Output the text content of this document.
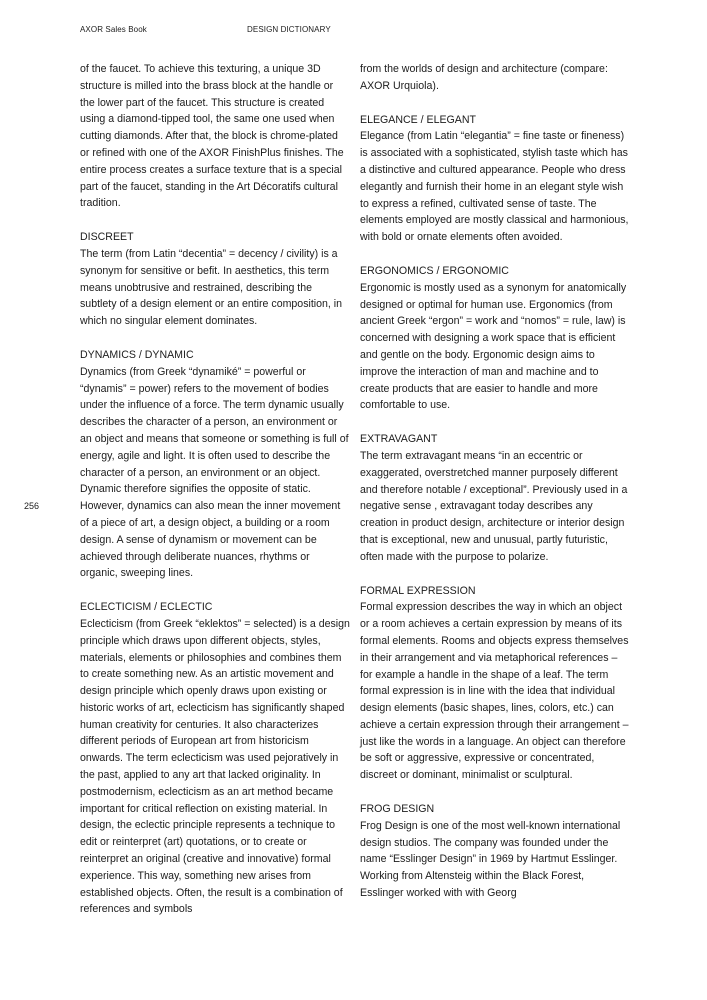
AXOR Sales Book	DESIGN DICTIONARY
256

of the faucet. To achieve this texturing, a unique 3D structure is milled into the brass block at the handle or the lower part of the faucet. This structure is created using a diamond-tipped tool, the same one used when cutting diamonds. After that, the block is chrome-plated or refined with one of the AXOR FinishPlus finishes. The entire process creates a surface texture that is a special part of the faucet, standing in the Art Décoratifs cultural tradition.

DISCREET

The term (from Latin “decentia” = decency / civility) is a synonym for sensitive or befit. In aesthetics, this term means unobtrusive and restrained, describing the subtlety of a design element or an entire composition, in which no singular element dominates.

DYNAMICS / DYNAMIC

Dynamics (from Greek “dynamiké” = powerful or “dynamis” = power) refers to the movement of bodies under the influence of a force. The term dynamic usually describes the character of a person, an environment or an object and means that someone or something is full of energy, agile and light. It is often used to describe the character of a person, an environment or an object. Dynamic therefore signifies the opposite of static. However, dynamics can also mean the inner movement of a piece of art, a design object, a building or a room design. A sense of dynamism or movement can be achieved through deliberate nuances, rhythms or organic, sweeping lines.

ECLECTICISM / ECLECTIC

Eclecticism (from Greek “eklektos” = selected) is a design principle which draws upon different objects, styles, materials, elements or philosophies and combines them to create something new. As an artistic movement and design principle which openly draws upon existing or historic works of art, eclecticism has significantly shaped human creativity for centuries. It also characterizes different periods of European art from historicism onwards. The term eclecticism was used pejoratively in the past, applied to any art that lacked originality. In postmodernism, eclecticism as an art method became important for critical reflection on existing material. In design, the eclectic principle represents a technique to edit or reinterpret (art) quotations, or to create or reinterpret an original (creative and innovative) formal experience. This way, something new arises from established objects. Often, the result is a combination of references and symbols

from the worlds of design and architecture (compare: AXOR Urquiola).

ELEGANCE / ELEGANT

Elegance (from Latin “elegantia” = fine taste or fineness) is associated with a sophisticated, stylish taste which has a distinctive and cultured appearance. People who dress elegantly and furnish their home in an elegant style wish to express a refined, cultivated sense of taste. The elements employed are mostly classical and harmonious, with bold or ornate elements often avoided.

ERGONOMICS / ERGONOMIC

Ergonomic is mostly used as a synonym for anatomically designed or optimal for human use. Ergonomics (from ancient Greek “ergon” = work and “nomos” = rule, law) is concerned with designing a work space that is efficient and gentle on the body. Ergonomic design aims to improve the interaction of man and machine and to create products that are easier to handle and more comfortable to use.

EXTRAVAGANT

The term extravagant means “in an eccentric or exaggerated, overstretched manner purposely different and therefore notable / exceptional”. Previously used in a negative sense , extravagant today describes any creation in product design, architecture or interior design that is exceptional, new and unusual, partly futuristic, often made with the purpose to polarize.

FORMAL EXPRESSION

Formal expression describes the way in which an object or a room achieves a certain expression by means of its formal elements. Rooms and objects express themselves in their arrangement and via metaphorical references – for example a handle in the shape of a leaf. The term formal expression is in line with the idea that individual design elements (basic shapes, lines, colors, etc.) can achieve a certain expression through their arrangement – just like the words in a language. An object can therefore be soft or aggressive, expressive or concentrated, discreet or dominant, minimalist or sculptural.

FROG DESIGN

Frog Design is one of the most well-known international design studios. The company was founded under the name “Esslinger Design” in 1969 by Hartmut Esslinger. Working from Altensteig within the Black Forest, Esslinger worked with with Georg
